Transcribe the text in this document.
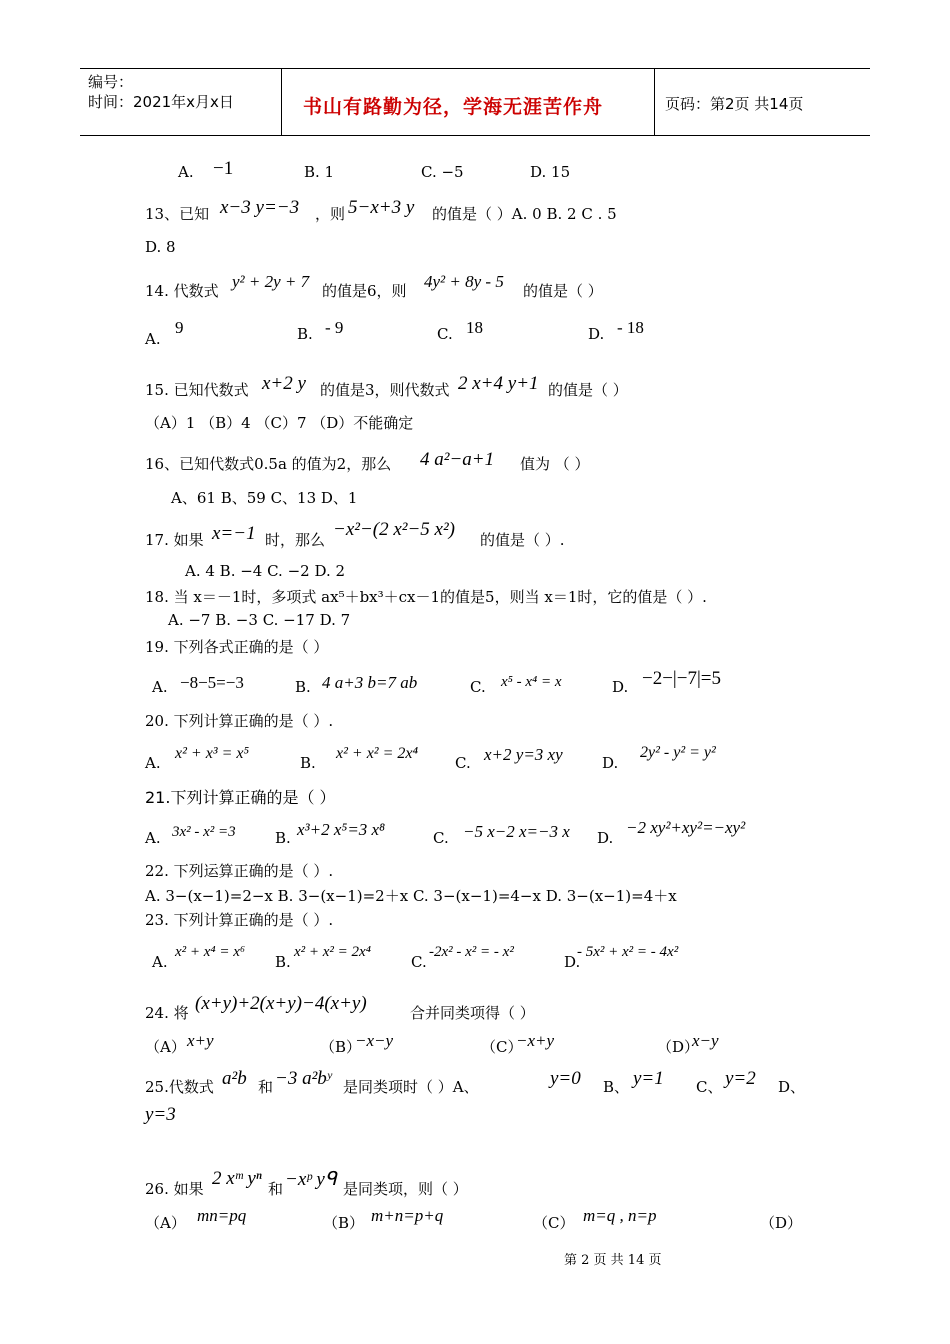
编号：
时间：2021年x月x日	书山有路勤为径，学海无涯苦作舟	页码：第2页 共14页
A. −1	B. 1	C. −5	D. 15
13、已知 x−3 y=−3 ，则 5−x+3 y 的值是（ ）A. 0 B. 2 C . 5
D. 8
14. 代数式 y² + 2y + 7 的值是6，则 4y² + 8y - 5 的值是（ ）
A.
9	B. - 9	C. 18	D. - 18
15. 已知代数式 x+2 y 的值是3，则代数式 2 x+4 y+1 的值是（ ）
（A）1 （B）4 （C）7 （D）不能确定
16、已知代数式0.5a 的值为2，那么 4 a²−a+1 值为 （ ）
A、61 B、59 C、13 D、1
17. 如果 x=−1 时，那么 −x²−(2 x²−5 x²) 的值是（ ）.
A. 4 B. −4 C. −2 D. 2
18. 当 x＝－1时，多项式 ax⁵＋bx³＋cx－1的值是5，则当 x＝1时，它的值是（ ）.
A. −7 B. −3 C. −17 D. 7
19. 下列各式正确的是（ ）
A. −8−5=−3	B. 4 a+3 b=7 ab	C. x⁵ - x⁴ = x	D. −2−|−7|=5
20. 下列计算正确的是（ ）.
A.
x² + x³ = x⁵
B.
x² + x² = 2x⁴
C. x+2 y=3 xy	D.
2y² - y² = y²
21.下列计算正确的是（ ）
A. 3x² - x² =3	B. x³+2 x⁵=3 x⁸	C. −5 x−2 x=−3 x D.
−2 xy²+xy²=−xy²
22. 下列运算正确的是（ ）.
A. 3−(x−1)=2−x B. 3−(x−1)=2＋x C. 3−(x−1)=4−x D. 3−(x−1)=4＋x
23. 下列计算正确的是（ ）.
A.
x² + x⁴ = x⁶
B.
x² + x² = 2x⁴
C.
-2x² - x² = - x²
D.
- 5x² + x² = - 4x²
24. 将 (x+y)+2(x+y)−4(x+y)	合并同类项得（ ）
（A） x+y	（B）
−x−y	（C）
−x+y	（D）
x−y
25.代数式 a²b 和 −3 a²bʸ 是同类项时（ ）A、	y=0 B、 y=1 C、 y=2 D、
y=3
26. 如果 2 xᵐ yⁿ 和 −xᵖ yᑫ 是同类项，则（ ）
（A） mn=pq	（B） m+n=p+q	（C） m=q , n=p	（D）
第 2 页 共 14 页
